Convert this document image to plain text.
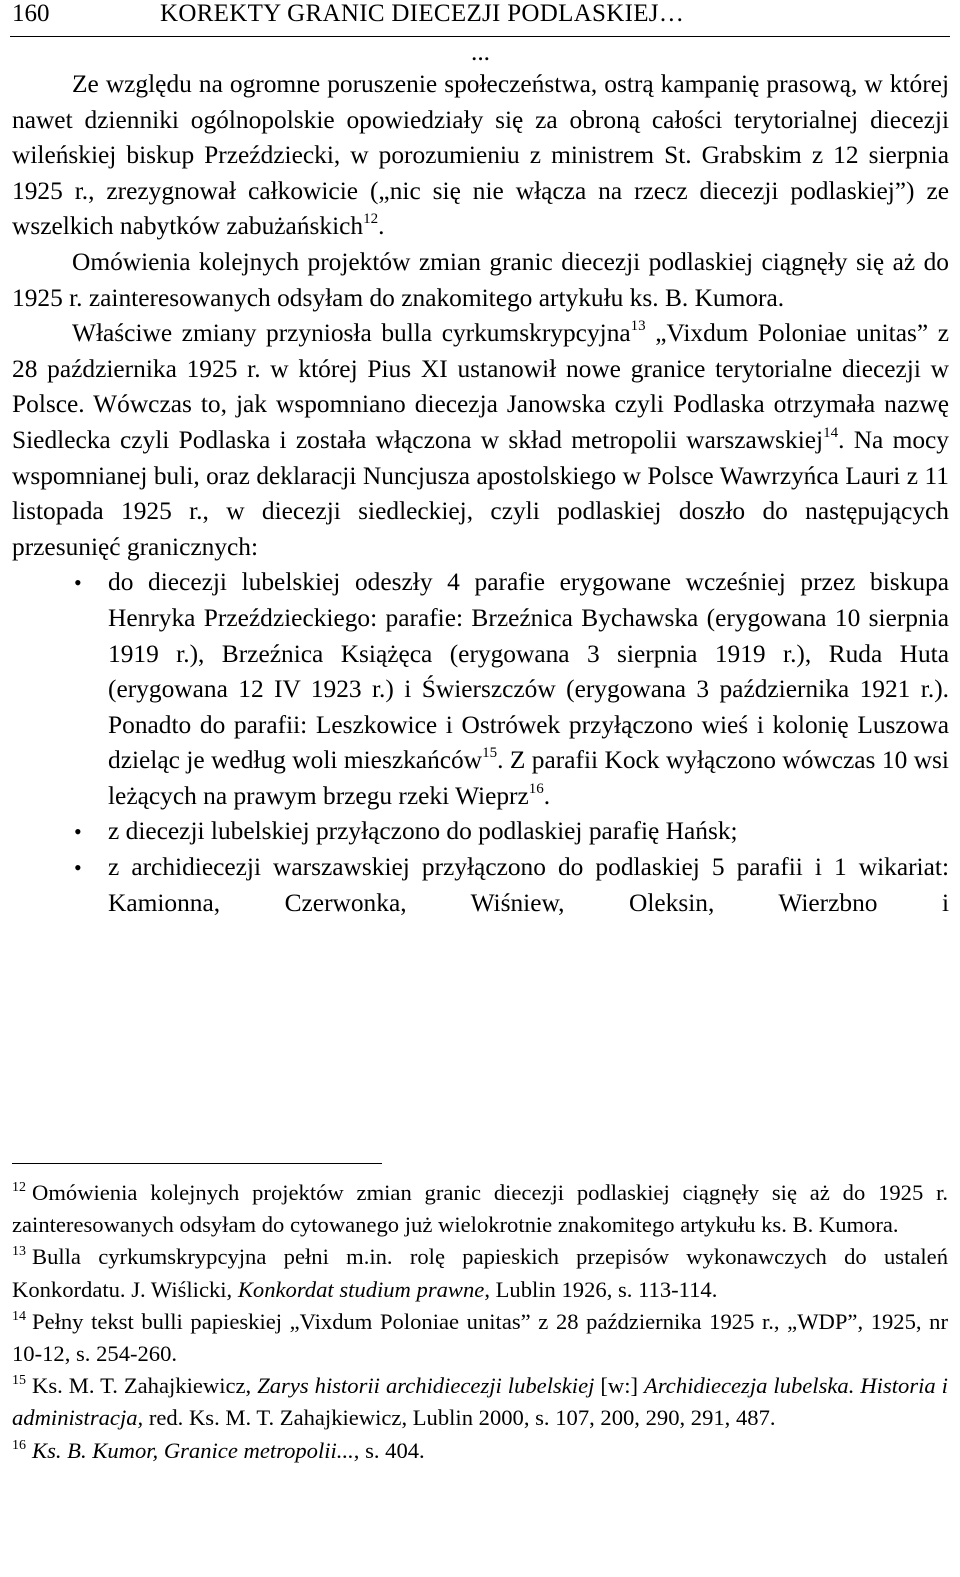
160	KOREKTY GRANIC DIECEZJI PODLASKIEJ…
...

Ze względu na ogromne poruszenie społeczeństwa, ostrą kampanię prasową, w której nawet dzienniki ogólnopolskie opowiedziały się za obroną całości terytorialnej diecezji wileńskiej biskup Przeździecki, w porozumieniu z ministrem St. Grabskim z 12 sierpnia 1925 r., zrezygnował całkowicie („nic się nie włącza na rzecz diecezji podlaskiej”) ze wszelkich nabytków zabużańskich$^{12}$.

Omówienia kolejnych projektów zmian granic diecezji podlaskiej ciągnęły się aż do 1925 r. zainteresowanych odsyłam do znakomitego artykułu ks. B. Kumora.

Właściwe zmiany przyniosła bulla cyrkumskrypcyjna$^{13}$ „Vixdum Poloniae unitas” z 28 października 1925 r. w której Pius XI ustanowił nowe granice terytorialne diecezji w Polsce. Wówczas to, jak wspomniano diecezja Janowska czyli Podlaska otrzymała nazwę Siedlecka czyli Podlaska i została włączona w skład metropolii warszawskiej$^{14}$. Na mocy wspomnianej buli, oraz deklaracji Nuncjusza apostolskiego w Polsce Wawrzyńca Lauri z 11 listopada 1925 r., w diecezji siedleckiej, czyli podlaskiej doszło do następujących przesunięć granicznych:

• do diecezji lubelskiej odeszły 4 parafie erygowane wcześniej przez biskupa Henryka Przeździeckiego: parafie: Brzeźnica Bychawska (erygowana 10 sierpnia 1919 r.), Brzeźnica Książęca (erygowana 3 sierpnia 1919 r.), Ruda Huta (erygowana 12 IV 1923 r.) i Świerszczów (erygowana 3 października 1921 r.). Ponadto do parafii: Leszkowice i Ostrówek przyłączono wieś i kolonię Luszowa dzieląc je według woli mieszkańców$^{15}$. Z parafii Kock wyłączono wówczas 10 wsi leżących na prawym brzegu rzeki Wieprz$^{16}$.
• z diecezji lubelskiej przyłączono do podlaskiej parafię Hańsk;
• z archidiecezji warszawskiej przyłączono do podlaskiej 5 parafii i 1 wikariat: Kamionna, Czerwonka, Wiśniew, Oleksin, Wierzbno i

$^{12}$ Omówienia kolejnych projektów zmian granic diecezji podlaskiej ciągnęły się aż do 1925 r. zainteresowanych odsyłam do cytowanego już wielokrotnie znakomitego artykułu ks. B. Kumora.

$^{13}$ Bulla cyrkumskrypcyjna pełni m.in. rolę papieskich przepisów wykonawczych do ustaleń Konkordatu. J. Wiślicki, Konkordat studium prawne, Lublin 1926, s. 113-114.

$^{14}$ Pełny tekst bulli papieskiej „Vixdum Poloniae unitas” z 28 października 1925 r., „WDP”, 1925, nr 10-12, s. 254-260.

$^{15}$ Ks. M. T. Zahajkiewicz, Zarys historii archidiecezji lubelskiej [w:] Archidiecezja lubelska. Historia i administracja, red. Ks. M. T. Zahajkiewicz, Lublin 2000, s. 107, 200, 290, 291, 487.

$^{16}$ Ks. B. Kumor, Granice metropolii..., s. 404.
